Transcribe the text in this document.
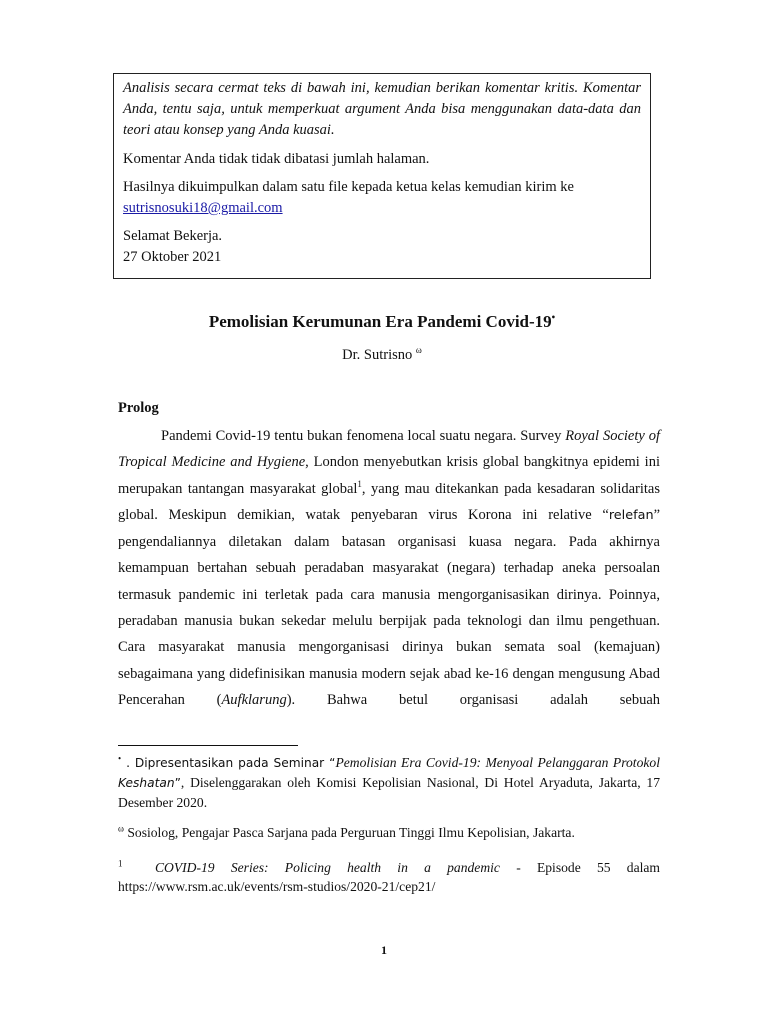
Analisis secara cermat teks di bawah ini, kemudian berikan komentar kritis. Komentar Anda, tentu saja, untuk memperkuat argument Anda bisa menggunakan data-data dan teori atau konsep yang Anda kuasai.

Komentar Anda tidak tidak dibatasi jumlah halaman.

Hasilnya dikuimpulkan dalam satu file kepada ketua kelas kemudian kirim ke
sutrisnosuki18@gmail.com

Selamat Bekerja.
27 Oktober 2021

Pemolisian Kerumunan Era Pandemi Covid-19•
Dr. Sutrisno $^\omega$
Prolog

Pandemi Covid-19 tentu bukan fenomena local suatu negara. Survey Royal Society of Tropical Medicine and Hygiene, London menyebutkan krisis global bangkitnya epidemi ini merupakan tantangan masyarakat global$^1$, yang mau ditekankan pada kesadaran solidaritas global. Meskipun demikian, watak penyebaran virus Korona ini relative “relefan” pengendaliannya diletakan dalam batasan organisasi kuasa negara. Pada akhirnya kemampuan bertahan sebuah peradaban masyarakat (negara) terhadap aneka persoalan termasuk pandemic ini terletak pada cara manusia mengorganisasikan dirinya. Poinnya, peradaban manusia bukan sekedar melulu berpijak pada teknologi dan ilmu pengethuan. Cara masyarakat manusia mengorganisasi dirinya bukan semata soal (kemajuan) sebagaimana yang didefinisikan manusia modern sejak abad ke-16 dengan mengusung Abad Pencerahan (Aufklarung). Bahwa betul organisasi adalah sebuah

• . Dipresentasikan pada Seminar “Pemolisian Era Covid-19: Menyoal Pelanggaran Protokol Keshatan”, Diselenggarakan oleh Komisi Kepolisian Nasional, Di Hotel Aryaduta, Jakarta, 17 Desember 2020.
$^\omega$ Sosiolog, Pengajar Pasca Sarjana pada Perguruan Tinggi Ilmu Kepolisian, Jakarta.
$^1$ COVID-19 Series: Policing health in a pandemic - Episode 55 dalam https://www.rsm.ac.uk/events/rsm-studios/2020-21/cep21/
1
